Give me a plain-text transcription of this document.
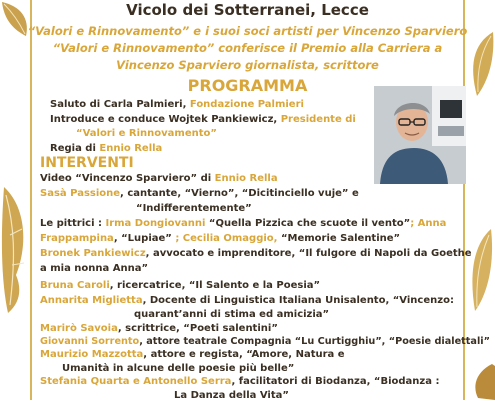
Vicolo dei Sotterranei, Lecce
“Valori e Rinnovamento” e i suoi soci artisti per Vincenzo Sparviero
“Valori e Rinnovamento” conferisce il Premio alla Carriera a
Vincenzo Sparviero giornalista, scrittore
PROGRAMMA
Saluto di Carla Palmieri, Fondazione Palmieri
Introduce e conduce Wojtek Pankiewicz, Presidente di
“Valori e Rinnovamento”
Regia di Ennio Rella
INTERVENTI
Video “Vincenzo Sparviero” di Ennio Rella
Sasà Passione, cantante, “Vierno”, “Dicitinciello vuje” e
“Indifferentemente”
Le pittrici : Irma Dongiovanni “Quella Pizzica che scuote il vento”; Anna
Frappampina, “Lupiae” ; Cecilia Omaggio, “Memorie Salentine”
Bronek Pankiewicz, avvocato e imprenditore, “Il fulgore di Napoli da Goethe
a mia nonna Anna”
Bruna Caroli, ricercatrice, “Il Salento e la Poesia”
Annarita Miglietta, Docente di Linguistica Italiana Unisalento, “Vincenzo:
quarant’anni di stima ed amicizia”
Marirò Savoia, scrittrice, “Poeti salentini”
Giovanni Sorrento, attore teatrale Compagnia “Lu Curtigghiu”, “Poesie dialettali”
Maurizio Mazzotta, attore e regista, “Amore, Natura e
Umanità in alcune delle poesie più belle”
Stefania Quarta e Antonello Serra, facilitatori di Biodanza, “Biodanza :
La Danza della Vita”
